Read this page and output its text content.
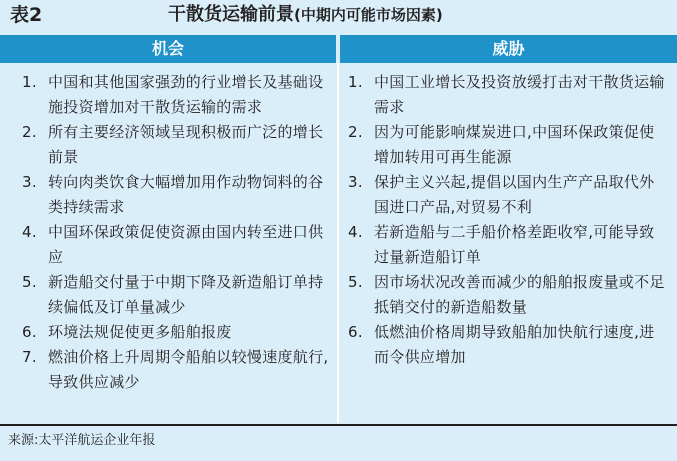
表2	干散货运输前景(中期内可能市场因素)
机会	威胁
1. 中国和其他国家强劲的行业增长及基础设施投资增加对干散货运输的需求
2. 所有主要经济领域呈现积极而广泛的增长前景
3. 转向肉类饮食大幅增加用作动物饲料的谷类持续需求
4. 中国环保政策促使资源由国内转至进口供应
5. 新造船交付量于中期下降及新造船订单持续偏低及订单量减少
6. 环境法规促使更多船舶报废
7. 燃油价格上升周期令船舶以较慢速度航行,导致供应减少
1. 中国工业增长及投资放缓打击对干散货运输需求
2. 因为可能影响煤炭进口,中国环保政策促使增加转用可再生能源
3. 保护主义兴起,提倡以国内生产产品取代外国进口产品,对贸易不利
4. 若新造船与二手船价格差距收窄,可能导致过量新造船订单
5. 因市场状况改善而减少的船舶报废量或不足抵销交付的新造船数量
6. 低燃油价格周期导致船舶加快航行速度,进而令供应增加
来源:太平洋航运企业年报
